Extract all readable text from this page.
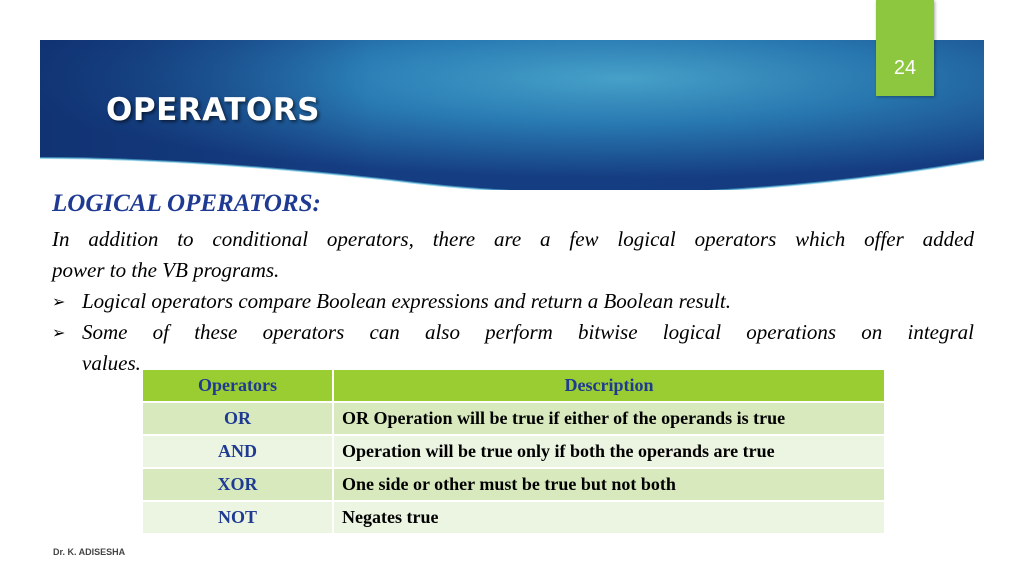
24
OPERATORS
LOGICAL OPERATORS:
In addition to conditional operators, there are a few logical operators which offer added
power to the VB programs.
➢ Logical operators compare Boolean expressions and return a Boolean result.
➢ Some of these operators can also perform bitwise logical operations on integral
values.
Operators	Description
OR	OR Operation will be true if either of the operands is true
AND	Operation will be true only if both the operands are true
XOR	One side or other must be true but not both
NOT	Negates true
Dr. K. ADISESHA
